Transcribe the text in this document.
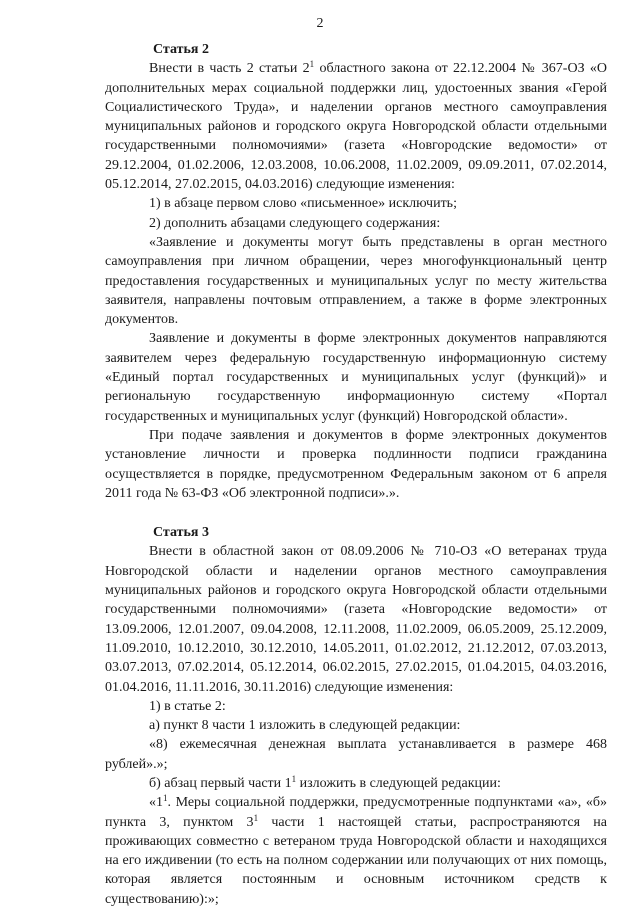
2

Статья 2

Внести в часть 2 статьи $2^1$ областного закона от 22.12.2004 № 367-ОЗ «О дополнительных мерах социальной поддержки лиц, удостоенных звания «Герой Социалистического Труда», и наделении органов местного самоуправления муниципальных районов и городского округа Новгородской области отдельными государственными полномочиями» (газета «Новгородские ведомости» от 29.12.2004, 01.02.2006, 12.03.2008, 10.06.2008, 11.02.2009, 09.09.2011, 07.02.2014, 05.12.2014, 27.02.2015, 04.03.2016) следующие изменения:

1) в абзаце первом слово «письменное» исключить;

2) дополнить абзацами следующего содержания:

«Заявление и документы могут быть представлены в орган местного самоуправления при личном обращении, через многофункциональный центр предоставления государственных и муниципальных услуг по месту жительства заявителя, направлены почтовым отправлением, а также в форме электронных документов.

Заявление и документы в форме электронных документов направляются заявителем через федеральную государственную информационную систему «Единый портал государственных и муниципальных услуг (функций)» и региональную государственную информационную систему «Портал государственных и муниципальных услуг (функций) Новгородской области».

При подаче заявления и документов в форме электронных документов установление личности и проверка подлинности подписи гражданина осуществляется в порядке, предусмотренном Федеральным законом от 6 апреля 2011 года № 63-ФЗ «Об электронной подписи».».

Статья 3

Внести в областной закон от 08.09.2006 № 710-ОЗ «О ветеранах труда Новгородской области и наделении органов местного самоуправления муниципальных районов и городского округа Новгородской области отдельными государственными полномочиями» (газета «Новгородские ведомости» от 13.09.2006, 12.01.2007, 09.04.2008, 12.11.2008, 11.02.2009, 06.05.2009, 25.12.2009, 11.09.2010, 10.12.2010, 30.12.2010, 14.05.2011, 01.02.2012, 21.12.2012, 07.03.2013, 03.07.2013, 07.02.2014, 05.12.2014, 06.02.2015, 27.02.2015, 01.04.2015, 04.03.2016, 01.04.2016, 11.11.2016, 30.11.2016) следующие изменения:

1) в статье 2:

а) пункт 8 части 1 изложить в следующей редакции:

«8) ежемесячная денежная выплата устанавливается в размере 468 рублей».»;

б) абзац первый части $1^1$ изложить в следующей редакции:

«$1^1$. Меры социальной поддержки, предусмотренные подпунктами «а», «б» пункта 3, пунктом $3^1$ части 1 настоящей статьи, распространяются на проживающих совместно с ветераном труда Новгородской области и находящихся на его иждивении (то есть на полном содержании или получающих от них помощь, которая является постоянным и основным источником средств к существованию):»;
